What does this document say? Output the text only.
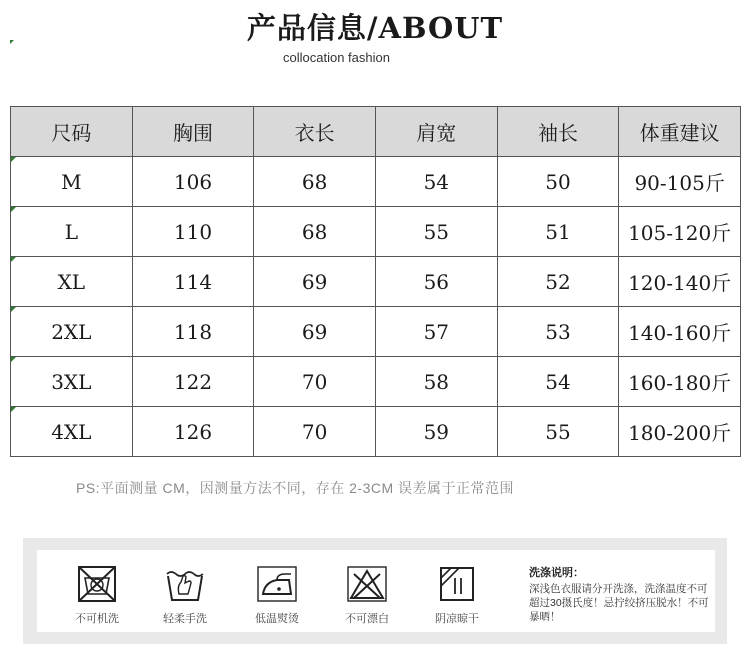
产品信息/ABOUT
collocation fashion
尺码	胸围	衣长	肩宽	袖长	体重建议
M	106	68	54	50	90-105斤
L	110	68	55	51	105-120斤
XL	114	69	56	52	120-140斤
2XL	118	69	57	53	140-160斤
3XL	122	70	58	54	160-180斤
4XL	126	70	59	55	180-200斤
PS:平面测量 CM，因测量方法不同，存在 2-3CM 误差属于正常范围
不可机洗	轻柔手洗	低温熨烫	不可漂白	阴凉晾干
洗涤说明：
深浅色衣服请分开洗涤，洗涤温度不可超过30摄氏度！忌拧绞挤压脱水！不可暴晒！
